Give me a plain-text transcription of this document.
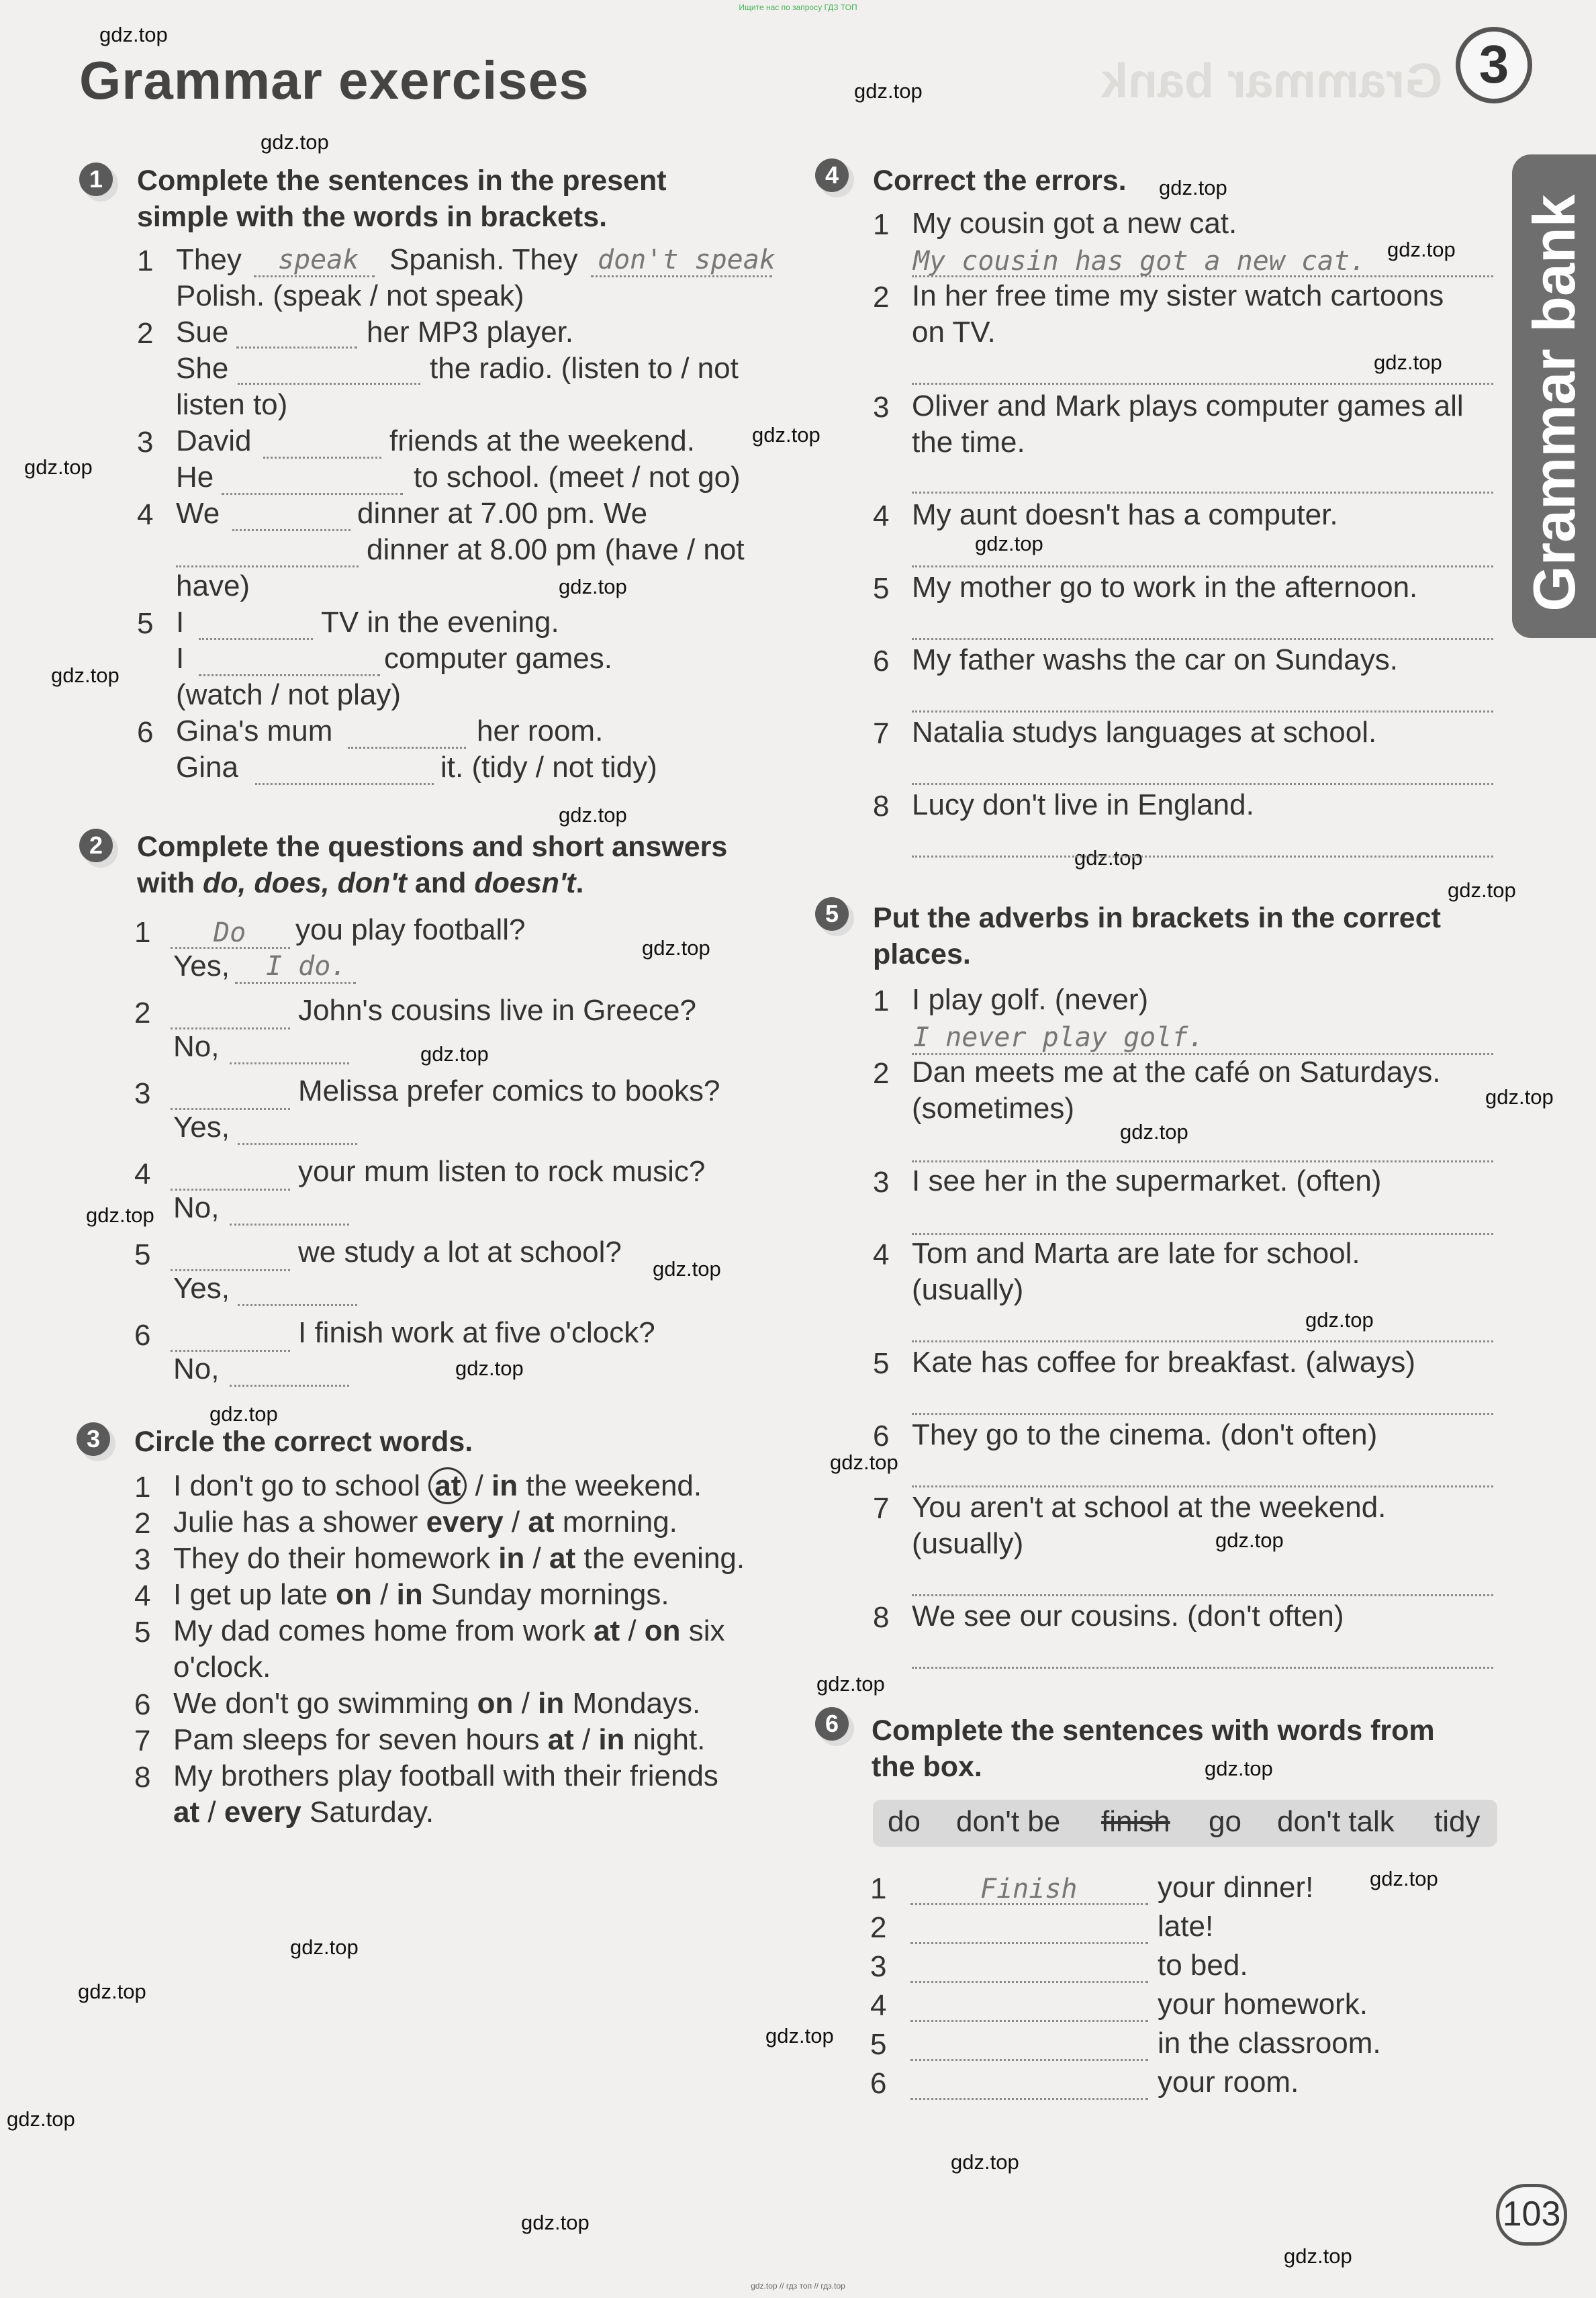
Ищите нас по запросу ГДЗ ТОП
gdz.top // гдз топ // гдз.top
Grammar bank
Grammar exercises	3
Grammar bank
103
gdz.top
gdz.top
gdz.top
gdz.top
gdz.top
gdz.top
gdz.top
gdz.top
gdz.top
gdz.top
gdz.top
gdz.top
gdz.top
gdz.top
gdz.top
gdz.top
gdz.top
gdz.top
gdz.top
gdz.top
gdz.top
gdz.top
gdz.top
gdz.top
gdz.top
gdz.top
gdz.top
gdz.top
gdz.top
gdz.top
gdz.top
gdz.top
gdz.top
gdz.top
gdz.top
1	Complete the sentences in the present
simple with the words in brackets.
1 They speak Spanish. They don't speak
Polish. (speak / not speak)
2 Sue	her MP3 player.
She	the radio. (listen to / not
listen to)
3 David	friends at the weekend.
He	to school. (meet / not go)
4 We	dinner at 7.00 pm. We
dinner at 8.00 pm (have / not
have)
5 I	TV in the evening.
I	computer games.
(watch / not play)
6 Gina's mum	her room.
Gina	it. (tidy / not tidy)
2	Complete the questions and short answers
with do, does, don't and doesn't.
1 Do you play football?
Yes, I do.
2	John's cousins live in Greece?
No,
3	Melissa prefer comics to books?
Yes,
4	your mum listen to rock music?
No,
5	we study a lot at school?
Yes,
6	I finish work at five o'clock?
No,
3	Circle the correct words.
1 I don't go to school at / in the weekend.
2 Julie has a shower every / at morning.
3 They do their homework in / at the evening.
4 I get up late on / in Sunday mornings.
5 My dad comes home from work at / on six
o'clock.
6 We don't go swimming on / in Mondays.
7 Pam sleeps for seven hours at / in night.
8 My brothers play football with their friends
at / every Saturday.
4	Correct the errors.
1 My cousin got a new cat.
My cousin has got a new cat.
2 In her free time my sister watch cartoons
on TV.
3 Oliver and Mark plays computer games all
the time.
4 My aunt doesn't has a computer.
5 My mother go to work in the afternoon.
6 My father washs the car on Sundays.
7 Natalia studys languages at school.
8 Lucy don't live in England.
5	Put the adverbs in brackets in the correct
places.
1 I play golf. (never)
I never play golf.
2 Dan meets me at the café on Saturdays.
(sometimes)
3 I see her in the supermarket. (often)
4 Tom and Marta are late for school.
(usually)
5 Kate has coffee for breakfast. (always)
6 They go to the cinema. (don't often)
7 You aren't at school at the weekend.
(usually)
8 We see our cousins. (don't often)
6	Complete the sentences with words from
the box.
do don't be finish go don't talk tidy
1	Finish	your dinner!
2	late!
3	to bed.
4	your homework.
5	in the classroom.
6	your room.
